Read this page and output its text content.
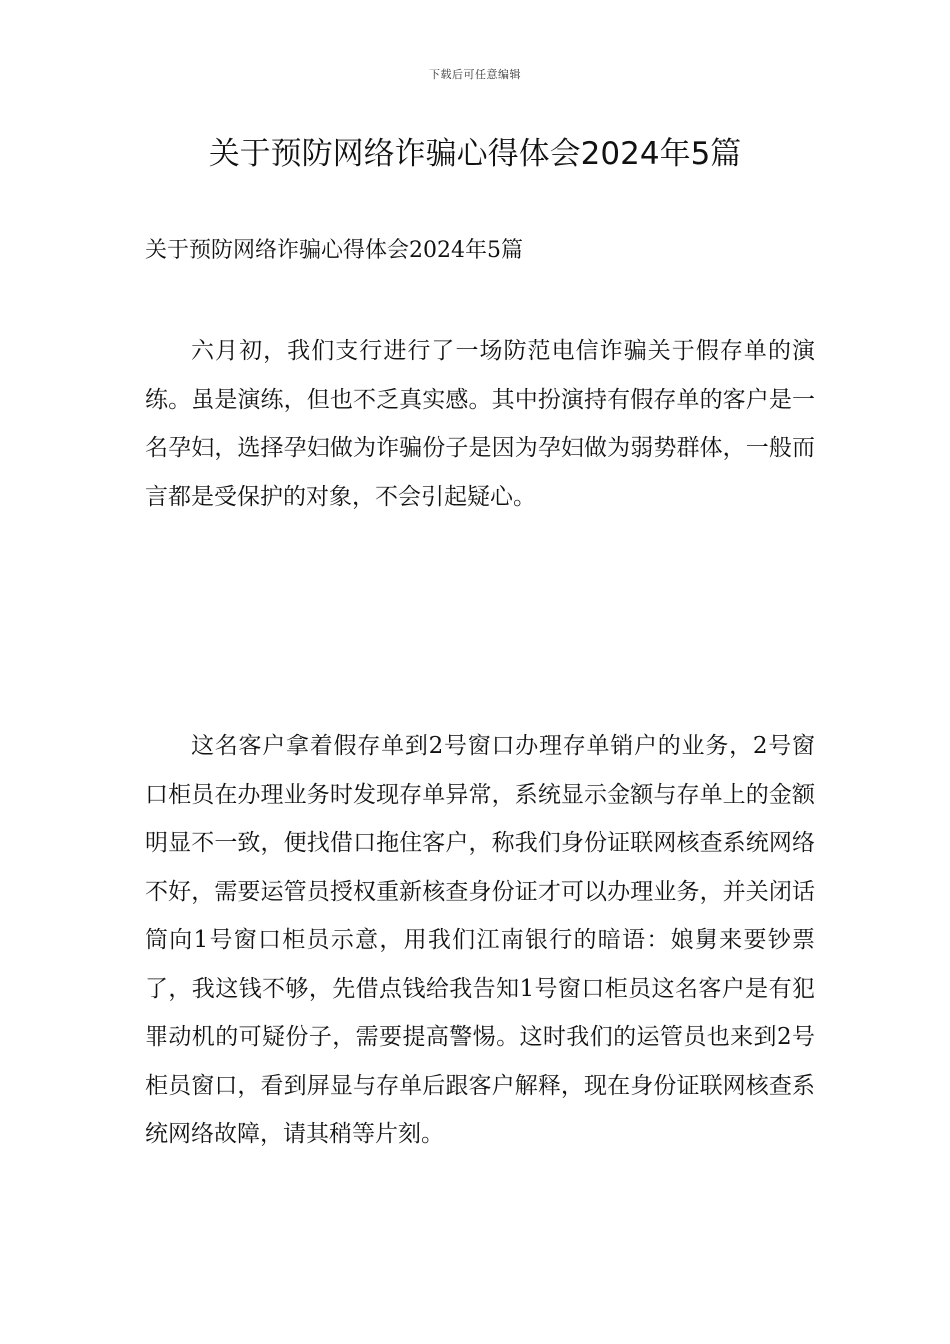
下载后可任意编辑
关于预防网络诈骗心得体会2024年5篇

关于预防网络诈骗心得体会2024年5篇

六月初，我们支行进行了一场防范电信诈骗关于假存单的演练。虽是演练，但也不乏真实感。其中扮演持有假存单的客户是一名孕妇，选择孕妇做为诈骗份子是因为孕妇做为弱势群体，一般而言都是受保护的对象，不会引起疑心。

这名客户拿着假存单到2号窗口办理存单销户的业务，2号窗口柜员在办理业务时发现存单异常，系统显示金额与存单上的金额明显不一致，便找借口拖住客户，称我们身份证联网核查系统网络不好，需要运管员授权重新核查身份证才可以办理业务，并关闭话筒向1号窗口柜员示意，用我们江南银行的暗语：娘舅来要钞票了，我这钱不够，先借点钱给我告知1号窗口柜员这名客户是有犯罪动机的可疑份子，需要提高警惕。这时我们的运管员也来到2号柜员窗口，看到屏显与存单后跟客户解释，现在身份证联网核查系统网络故障，请其稍等片刻。
